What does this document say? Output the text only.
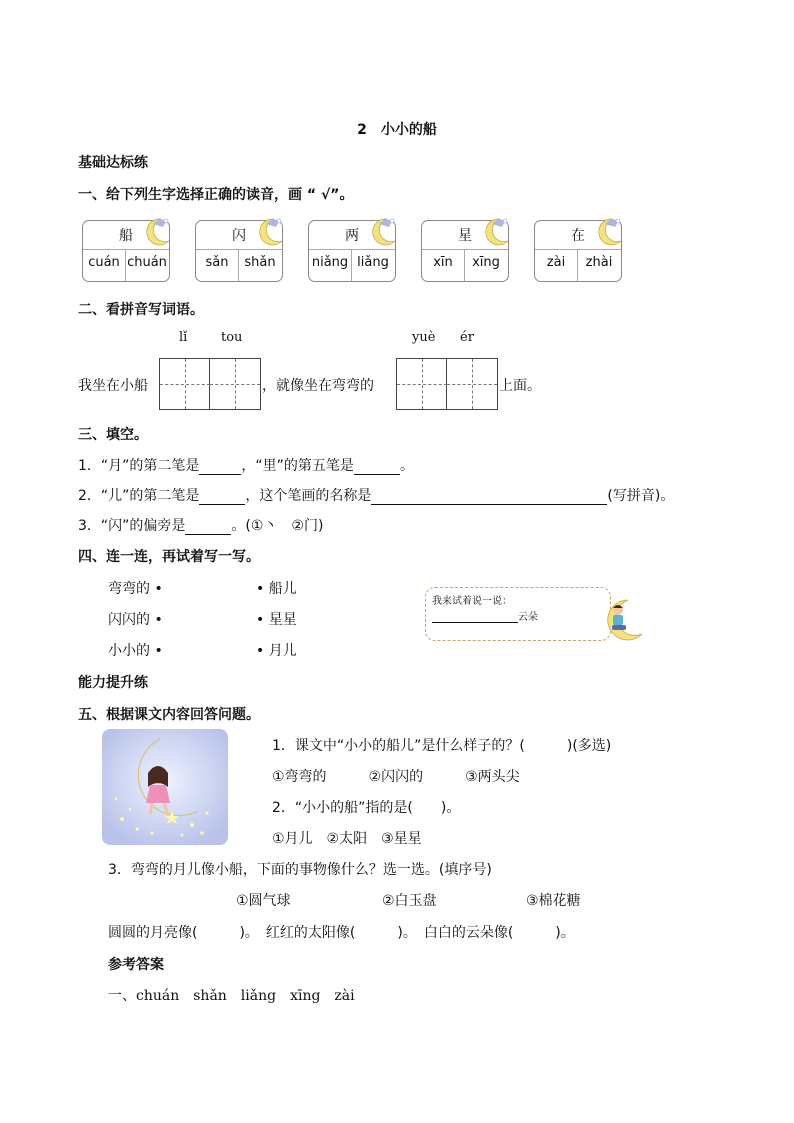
2　小小的船
基础达标练
一、给下列生字选择正确的读音，画 “ √”。
船
cuán chuán
闪
sǎn	shǎn
两
niǎng liǎng
星
xīn	xīng
在
zài	zhài
二、看拼音写词语。
lǐ	tou	yuè ér
我坐在小船	，就像坐在弯弯的	上面。
三、填空。
1．“月”的第二笔是	，“里”的第五笔是	。
2．“儿”的第二笔是	，这个笔画的名称是	(写拼音)。
3．“闪”的偏旁是	。(①丶　②门)
四、连一连，再试着写一写。
弯弯的 •
闪闪的 •
小小的 •
• 船儿
• 星星
• 月儿
我来试着说一说：
云朵
能力提升练
五、根据课文内容回答问题。
1．课文中“小小的船儿”是什么样子的？(　　　)(多选)
①弯弯的　　　②闪闪的　　　③两头尖
2．“小小的船”指的是(　　)。
①月儿　②太阳　③星星
3．弯弯的月儿像小船，下面的事物像什么？选一选。(填序号)
①圆气球	②白玉盘	③棉花糖
圆圆的月亮像(　　　)。　红红的太阳像(　　　)。　白白的云朵像(　　　)。
参考答案
一、chuán　shǎn　liǎng　xīng　zài
